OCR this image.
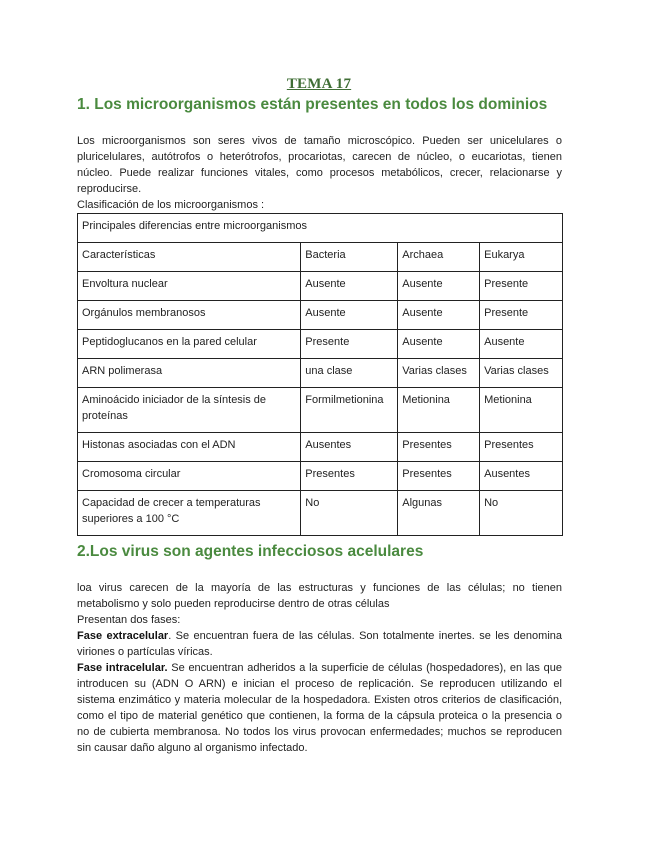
TEMA 17
1. Los microorganismos están presentes en todos los dominios
Los microorganismos son seres vivos de tamaño microscópico. Pueden ser unicelulares o pluricelulares, autótrofos o heterótrofos, procariotas, carecen de núcleo, o eucariotas, tienen núcleo. Puede realizar funciones vitales, como procesos metabólicos, crecer, relacionarse y reproducirse.
Clasificación de los microorganismos :
Principales diferencias entre microorganismos			
Características	Bacteria	Archaea	Eukarya
Envoltura nuclear	Ausente	Ausente	Presente
Orgánulos membranosos	Ausente	Ausente	Presente
Peptidoglucanos en la pared celular	Presente	Ausente	Ausente
ARN polimerasa	una clase	Varias clases	Varias clases
Aminoácido iniciador de la síntesis de proteínas	Formilmetionina	Metionina	Metionina
Histonas asociadas con el ADN	Ausentes	Presentes	Presentes
Cromosoma circular	Presentes	Presentes	Ausentes
Capacidad de crecer a temperaturas superiores a 100 °C	No	Algunas	No
2.Los virus son agentes infecciosos acelulares

loa virus carecen de la mayoría de las estructuras y funciones de las células; no tienen metabolismo y solo pueden reproducirse dentro de otras células

Presentan dos fases:

Fase extracelular. Se encuentran fuera de las células. Son totalmente inertes. se les denomina viriones o partículas víricas.

Fase intracelular. Se encuentran adheridos a la superficie de células (hospedadores), en las que introducen su (ADN O ARN) e inician el proceso de replicación. Se reproducen utilizando el sistema enzimático y materia molecular de la hospedadora. Existen otros criterios de clasificación, como el tipo de material genético que contienen, la forma de la cápsula proteica o la presencia o no de cubierta membranosa. No todos los virus provocan enfermedades; muchos se reproducen sin causar daño alguno al organismo infectado.
